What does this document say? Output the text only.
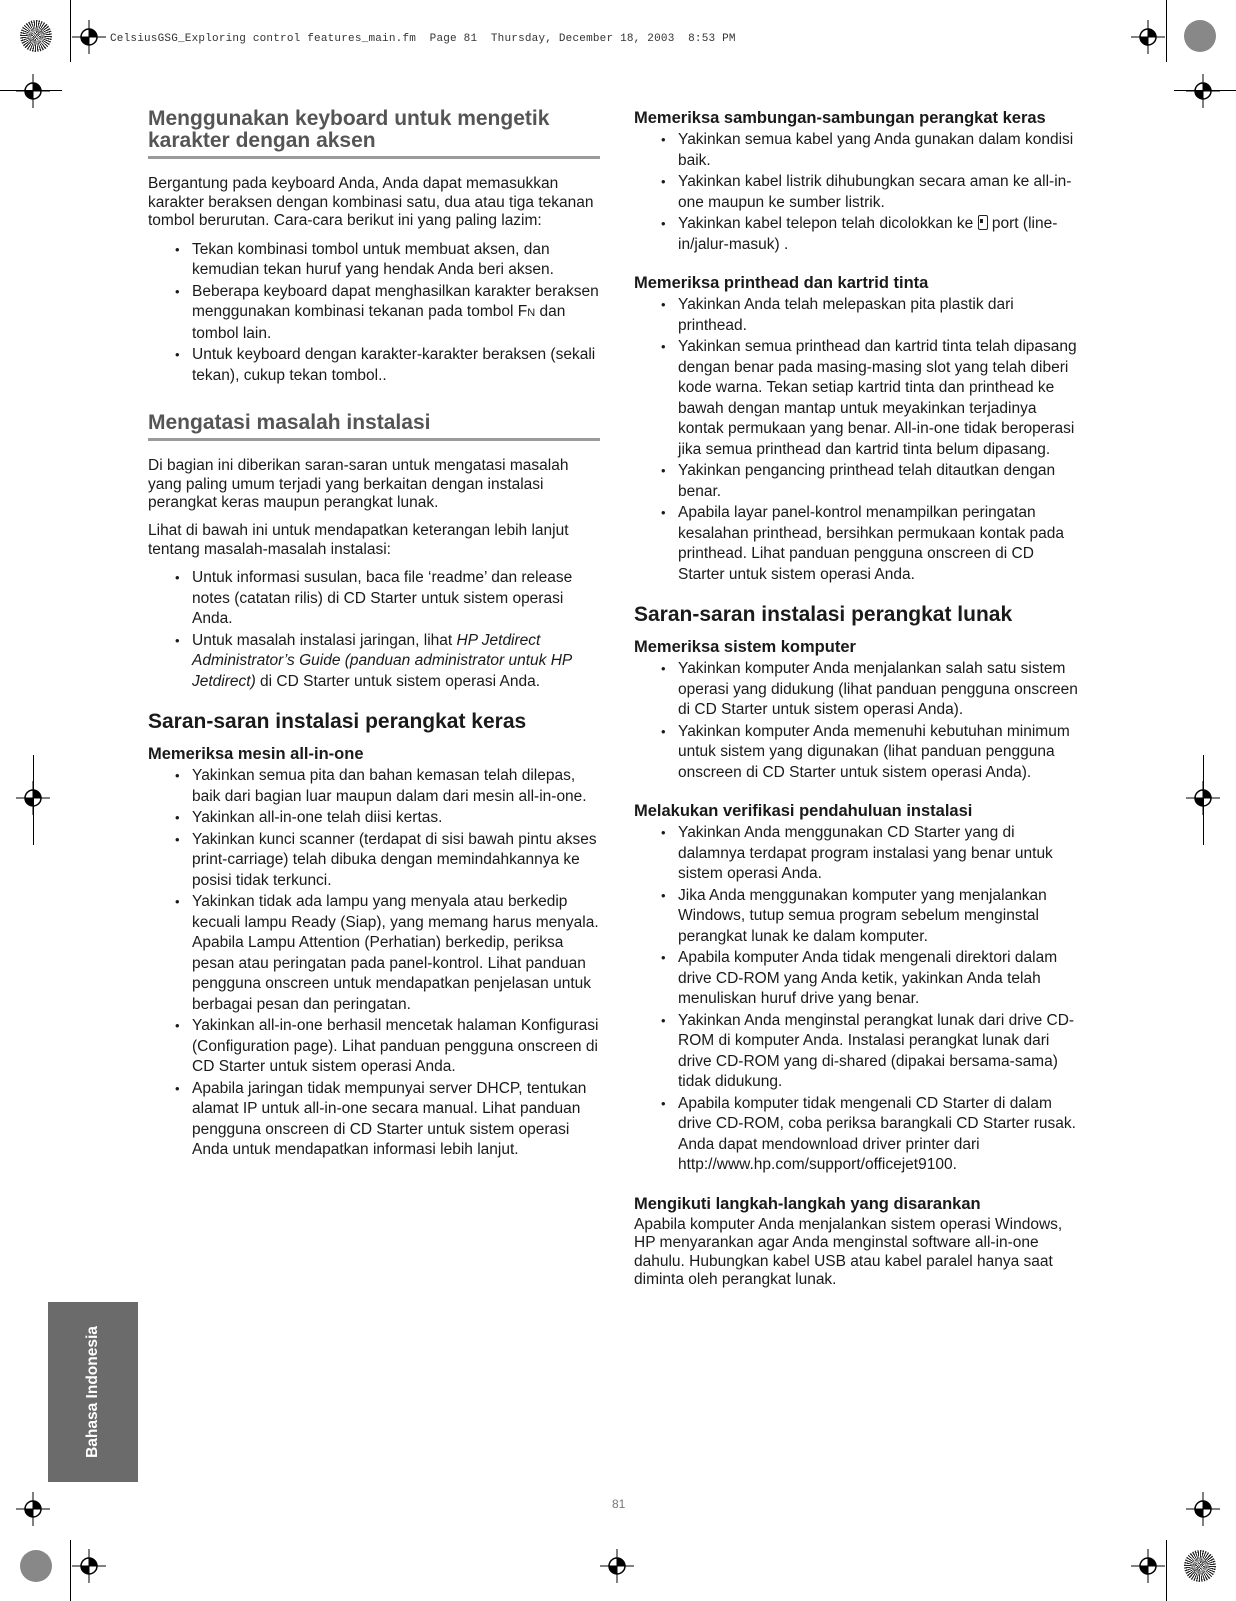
CelsiusGSG_Exploring control features_main.fm  Page 81  Thursday, December 18, 2003  8:53 PM
Menggunakan keyboard untuk mengetik karakter dengan aksen

Bergantung pada keyboard Anda, Anda dapat memasukkan karakter beraksen dengan kombinasi satu, dua atau tiga tekanan tombol berurutan. Cara-cara berikut ini yang paling lazim:

• Tekan kombinasi tombol untuk membuat aksen, dan kemudian tekan huruf yang hendak Anda beri aksen.
• Beberapa keyboard dapat menghasilkan karakter beraksen menggunakan kombinasi tekanan pada tombol FN dan tombol lain.
• Untuk keyboard dengan karakter-karakter beraksen (sekali tekan), cukup tekan tombol..
Mengatasi masalah instalasi

Di bagian ini diberikan saran-saran untuk mengatasi masalah yang paling umum terjadi yang berkaitan dengan instalasi perangkat keras maupun perangkat lunak.

Lihat di bawah ini untuk mendapatkan keterangan lebih lanjut tentang masalah-masalah instalasi:

• Untuk informasi susulan, baca file ‘readme’ dan release notes (catatan rilis) di CD Starter untuk sistem operasi Anda.
• Untuk masalah instalasi jaringan, lihat HP Jetdirect Administrator’s Guide (panduan administrator untuk HP Jetdirect) di CD Starter untuk sistem operasi Anda.
Saran-saran instalasi perangkat keras
Memeriksa mesin all-in-one
• Yakinkan semua pita dan bahan kemasan telah dilepas, baik dari bagian luar maupun dalam dari mesin all-in-one.
• Yakinkan all-in-one telah diisi kertas.
• Yakinkan kunci scanner (terdapat di sisi bawah pintu akses print-carriage) telah dibuka dengan memindahkannya ke posisi tidak terkunci.
• Yakinkan tidak ada lampu yang menyala atau berkedip kecuali lampu Ready (Siap), yang memang harus menyala. Apabila Lampu Attention (Perhatian) berkedip, periksa pesan atau peringatan pada panel-kontrol. Lihat panduan pengguna onscreen untuk mendapatkan penjelasan untuk berbagai pesan dan peringatan.
• Yakinkan all-in-one berhasil mencetak halaman Konfigurasi (Configuration page). Lihat panduan pengguna onscreen di CD Starter untuk sistem operasi Anda.
• Apabila jaringan tidak mempunyai server DHCP, tentukan alamat IP untuk all-in-one secara manual. Lihat panduan pengguna onscreen di CD Starter untuk sistem operasi Anda untuk mendapatkan informasi lebih lanjut.
Memeriksa sambungan-sambungan perangkat keras
• Yakinkan semua kabel yang Anda gunakan dalam kondisi baik.
• Yakinkan kabel listrik dihubungkan secara aman ke all-in-one maupun ke sumber listrik.
• Yakinkan kabel telepon telah dicolokkan ke port (line-in/jalur-masuk) .
Memeriksa printhead dan kartrid tinta
• Yakinkan Anda telah melepaskan pita plastik dari printhead.
• Yakinkan semua printhead dan kartrid tinta telah dipasang dengan benar pada masing-masing slot yang telah diberi kode warna. Tekan setiap kartrid tinta dan printhead ke bawah dengan mantap untuk meyakinkan terjadinya kontak permukaan yang benar. All-in-one tidak beroperasi jika semua printhead dan kartrid tinta belum dipasang.
• Yakinkan pengancing printhead telah ditautkan dengan benar.
• Apabila layar panel-kontrol menampilkan peringatan kesalahan printhead, bersihkan permukaan kontak pada printhead. Lihat panduan pengguna onscreen di CD Starter untuk sistem operasi Anda.
Saran-saran instalasi perangkat lunak
Memeriksa sistem komputer
• Yakinkan komputer Anda menjalankan salah satu sistem operasi yang didukung (lihat panduan pengguna onscreen di CD Starter untuk sistem operasi Anda).
• Yakinkan komputer Anda memenuhi kebutuhan minimum untuk sistem yang digunakan (lihat panduan pengguna onscreen di CD Starter untuk sistem operasi Anda).
Melakukan verifikasi pendahuluan instalasi
• Yakinkan Anda menggunakan CD Starter yang di dalamnya terdapat program instalasi yang benar untuk sistem operasi Anda.
• Jika Anda menggunakan komputer yang menjalankan Windows, tutup semua program sebelum menginstal perangkat lunak ke dalam komputer.
• Apabila komputer Anda tidak mengenali direktori dalam drive CD-ROM yang Anda ketik, yakinkan Anda telah menuliskan huruf drive yang benar.
• Yakinkan Anda menginstal perangkat lunak dari drive CD-ROM di komputer Anda. Instalasi perangkat lunak dari drive CD-ROM yang di-shared (dipakai bersama-sama) tidak didukung.
• Apabila komputer tidak mengenali CD Starter di dalam drive CD-ROM, coba periksa barangkali CD Starter rusak. Anda dapat mendownload driver printer dari http://www.hp.com/support/officejet9100.
Mengikuti langkah-langkah yang disarankan

Apabila komputer Anda menjalankan sistem operasi Windows, HP menyarankan agar Anda menginstal software all-in-one dahulu. Hubungkan kabel USB atau kabel paralel hanya saat diminta oleh perangkat lunak.

Bahasa Indonesia
81
